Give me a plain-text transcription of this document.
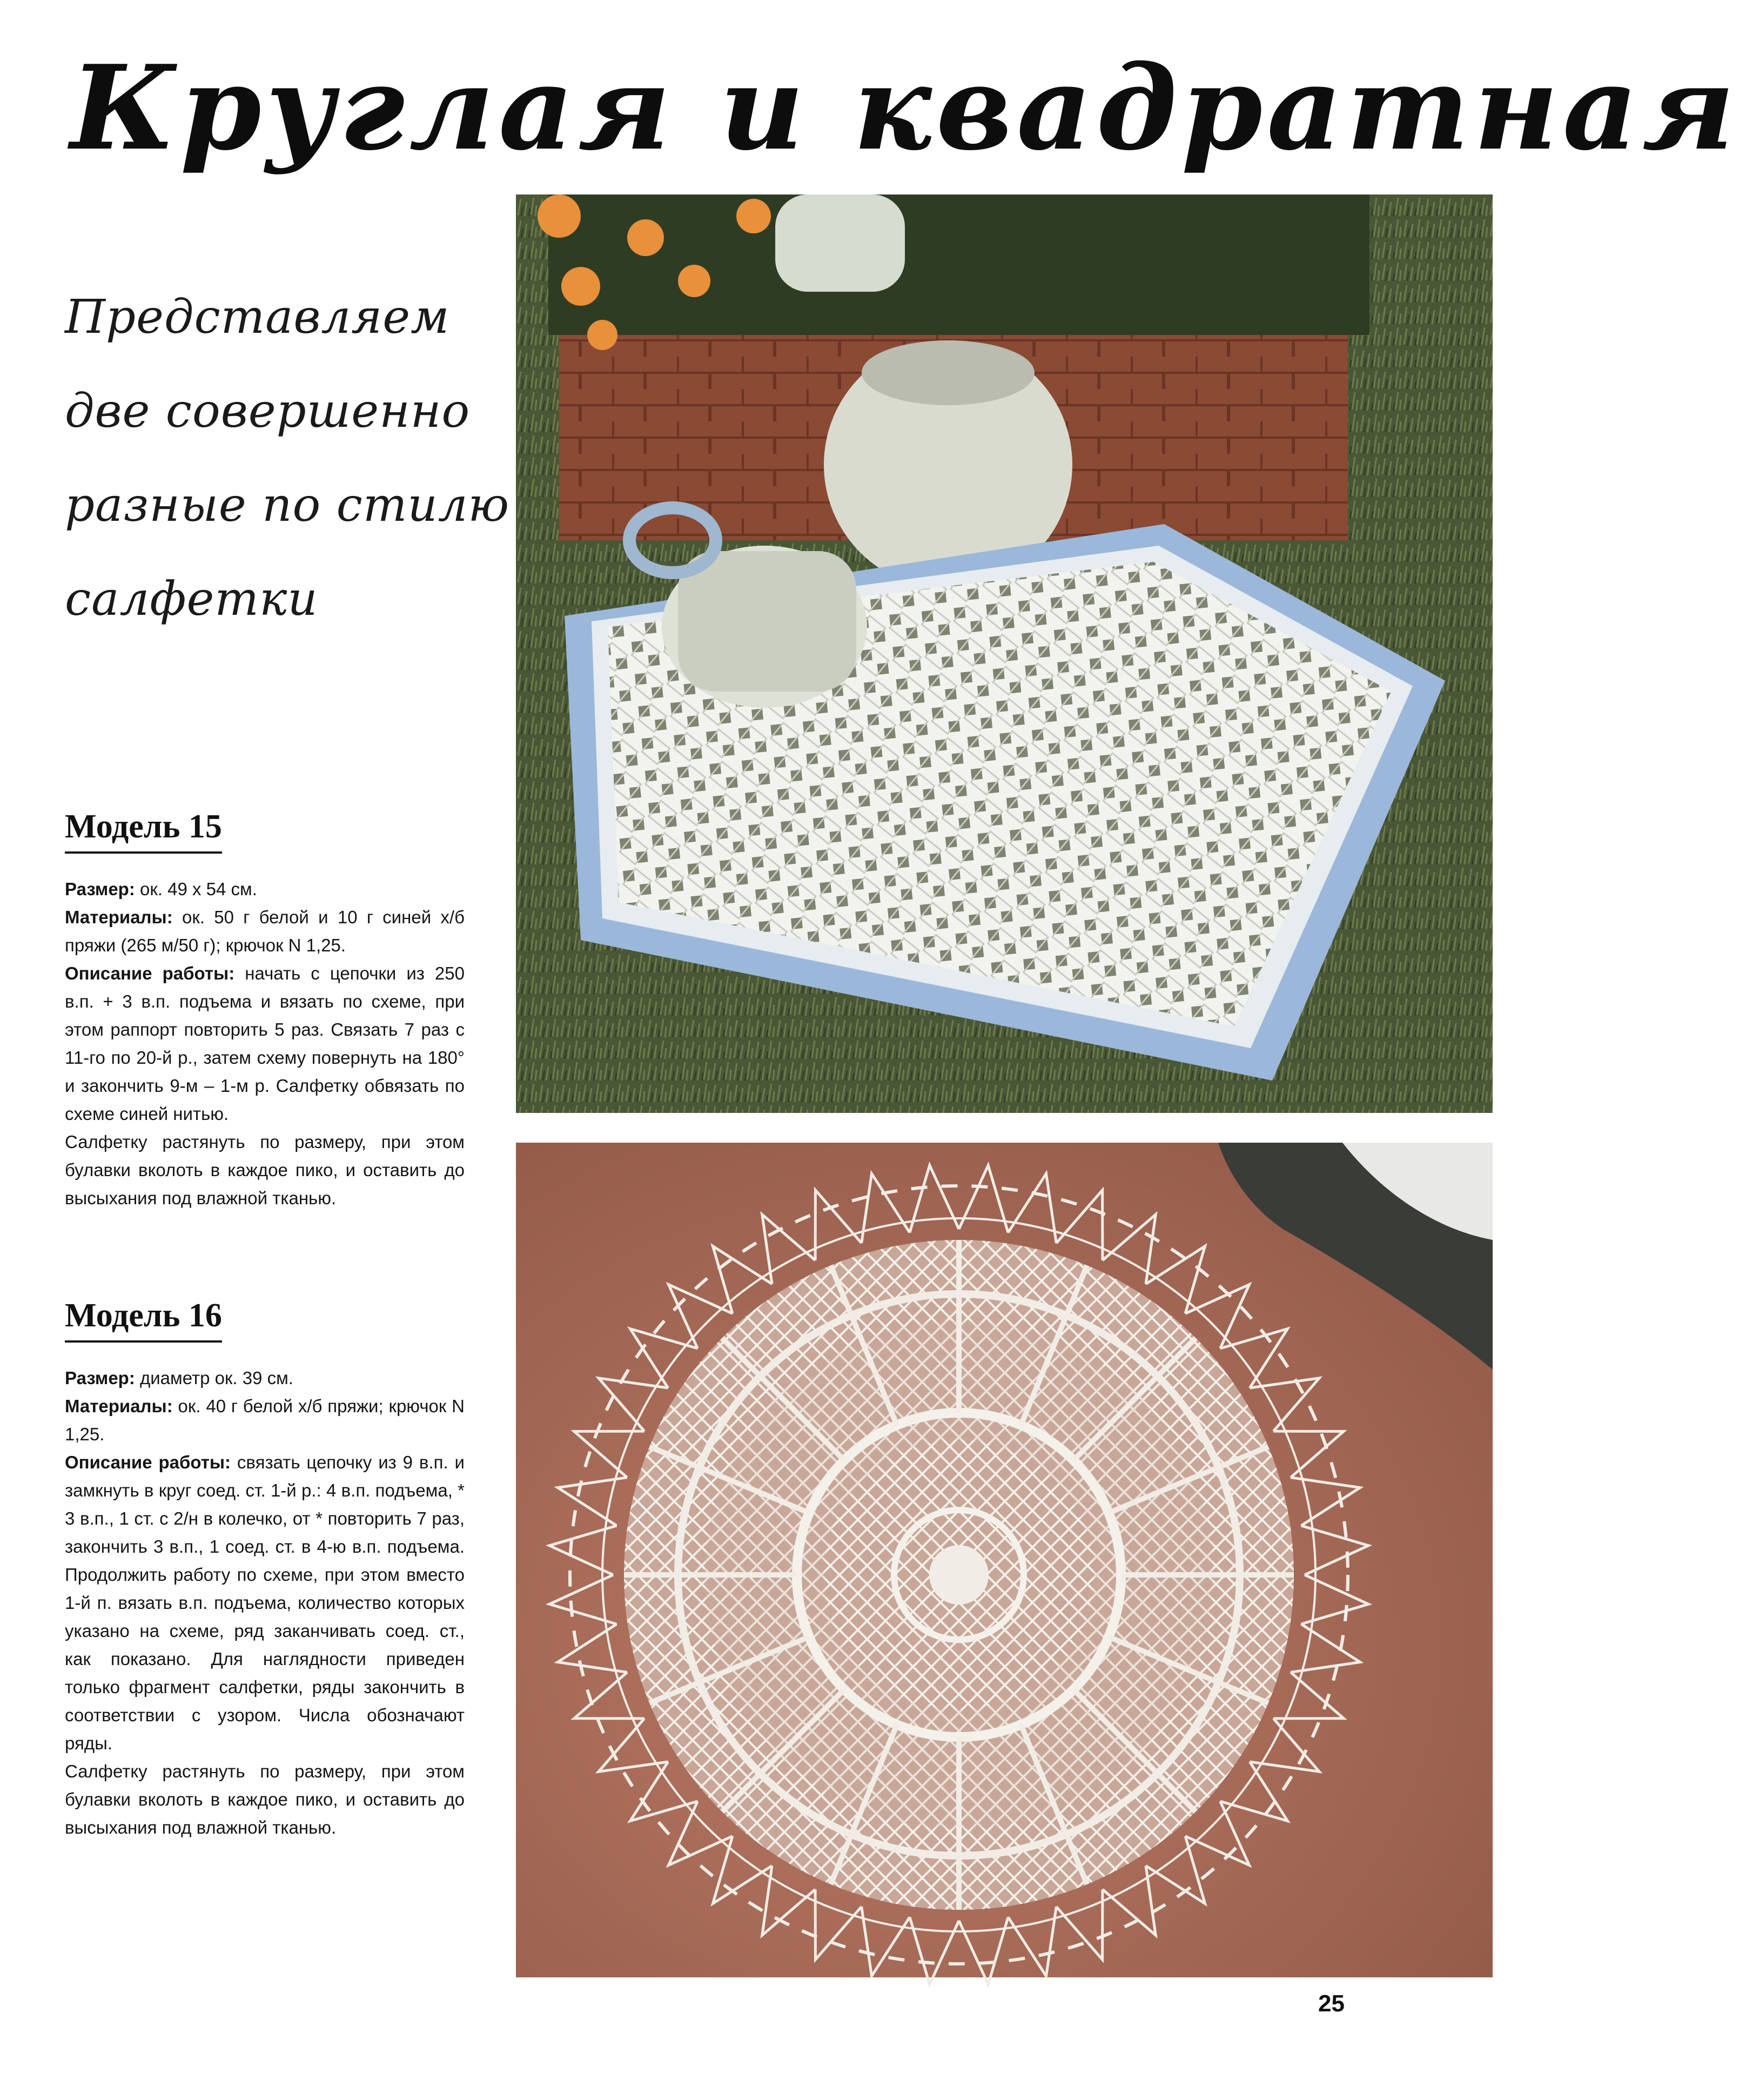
Круглая и квадратная
Представляем
две совершенно
разные по стилю
салфетки
Модель 15

Размер: ок. 49 х 54 см.

Материалы: ок. 50 г белой и 10 г синей х/б пряжи (265 м/50 г); крючок N 1,25.

Описание работы: начать с цепочки из 250 в.п. + 3 в.п. подъема и вязать по схеме, при этом раппорт повторить 5 раз. Связать 7 раз с 11-го по 20-й р., затем схему повернуть на 180° и закончить 9-м – 1-м р. Салфетку обвязать по схеме синей нитью.

Салфетку растянуть по размеру, при этом булавки вколоть в каждое пико, и оставить до высыхания под влажной тканью.

Модель 16

Размер: диаметр ок. 39 см.

Материалы: ок. 40 г белой х/б пряжи; крючок N 1,25.

Описание работы: связать цепочку из 9 в.п. и замкнуть в круг соед. ст. 1-й р.: 4 в.п. подъема, * 3 в.п., 1 ст. с 2/н в колечко, от * повторить 7 раз, закончить 3 в.п., 1 соед. ст. в 4-ю в.п. подъема. Продолжить работу по схеме, при этом вместо 1-й п. вязать в.п. подъема, количество которых указано на схеме, ряд заканчивать соед. ст., как показано. Для наглядности приведен только фрагмент салфетки, ряды закончить в соответствии с узором. Числа обозначают ряды.

Салфетку растянуть по размеру, при этом булавки вколоть в каждое пико, и оставить до высыхания под влажной тканью.

25
